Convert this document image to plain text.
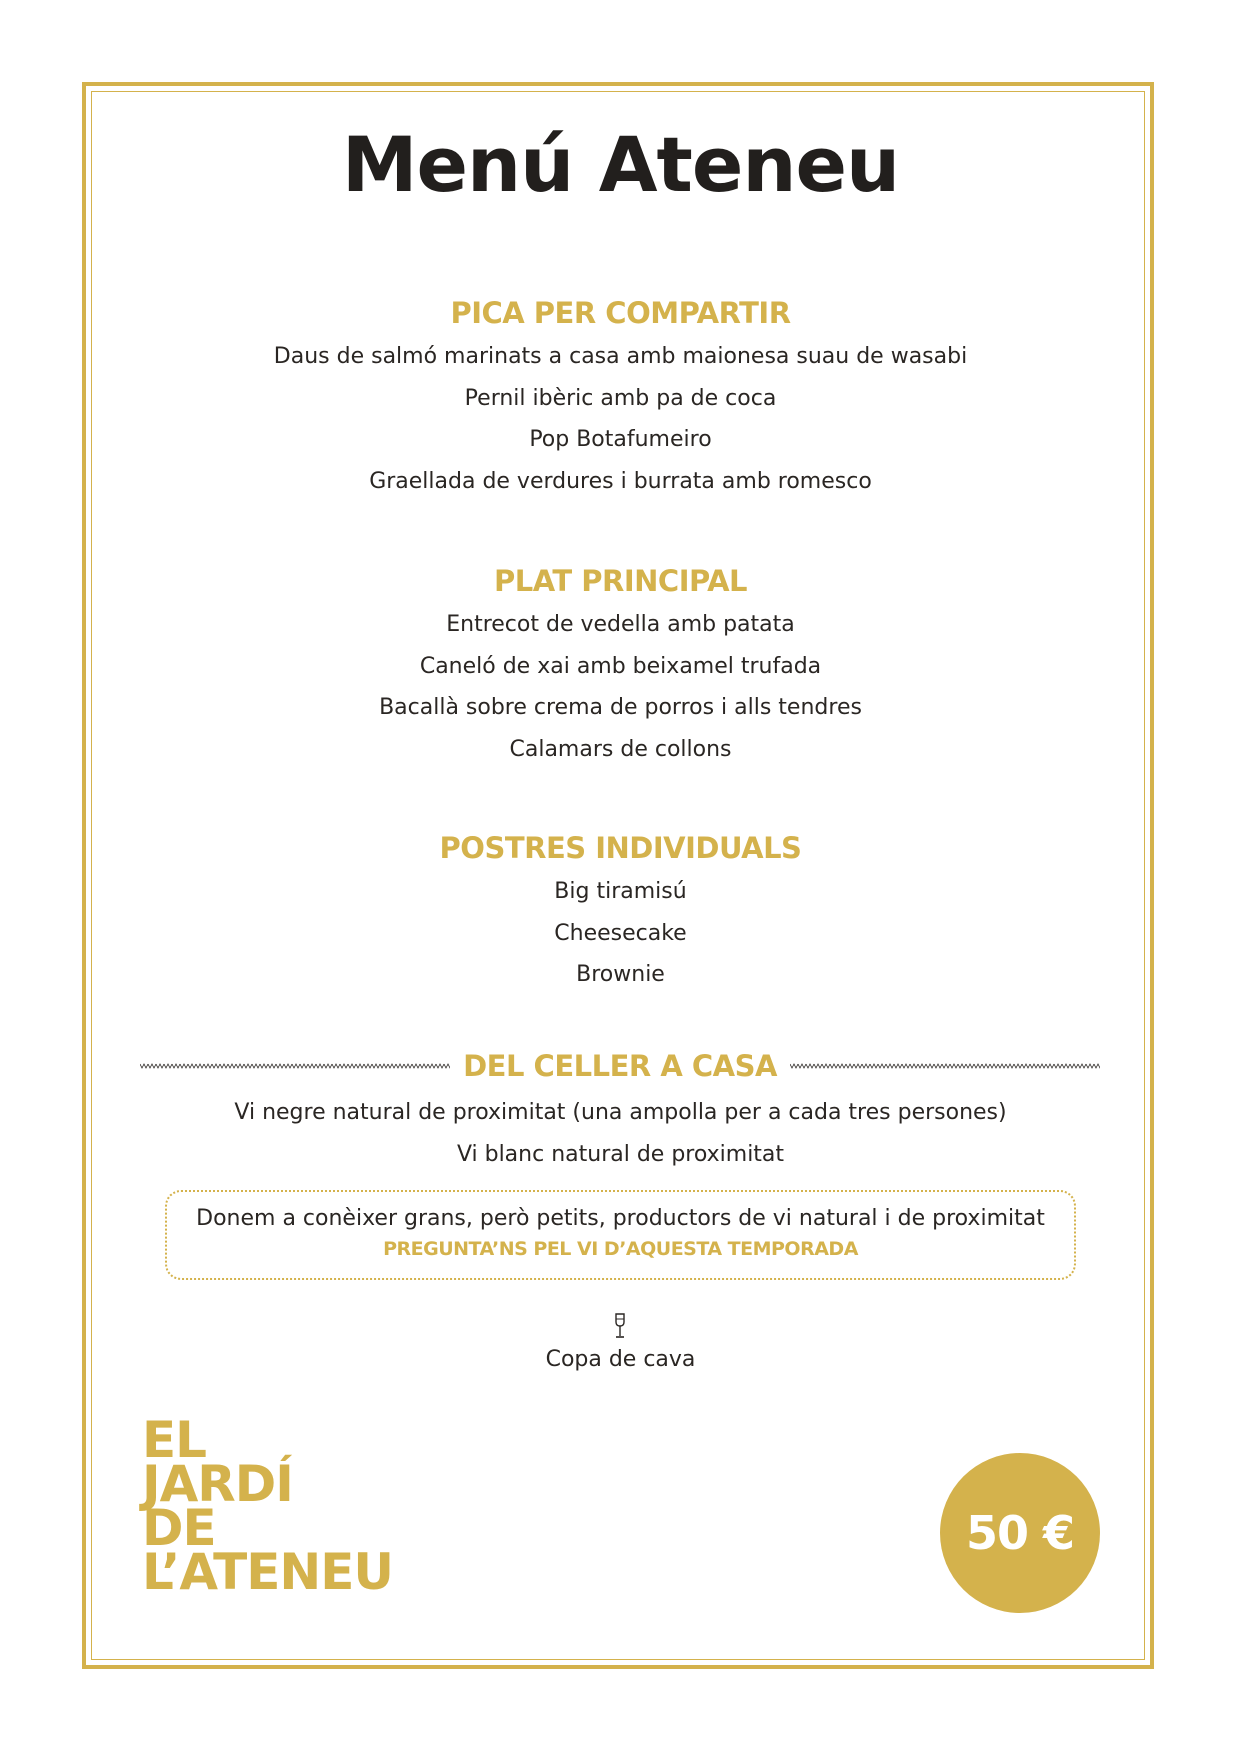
Menú Ateneu
PICA PER COMPARTIR
Daus de salmó marinats a casa amb maionesa suau de wasabi
Pernil ibèric amb pa de coca
Pop Botafumeiro
Graellada de verdures i burrata amb romesco
PLAT PRINCIPAL
Entrecot de vedella amb patata
Caneló de xai amb beixamel trufada
Bacallà sobre crema de porros i alls tendres
Calamars de collons
POSTRES INDIVIDUALS
Big tiramisú
Cheesecake
Brownie
DEL CELLER A CASA
Vi negre natural de proximitat (una ampolla per a cada tres persones)
Vi blanc natural de proximitat
Donem a conèixer grans, però petits, productors de vi natural i de proximitat
PREGUNTA’NS PEL VI D’AQUESTA TEMPORADA
Copa de cava
EL
JARDÍ
DE
L’ATENEU
50 €
